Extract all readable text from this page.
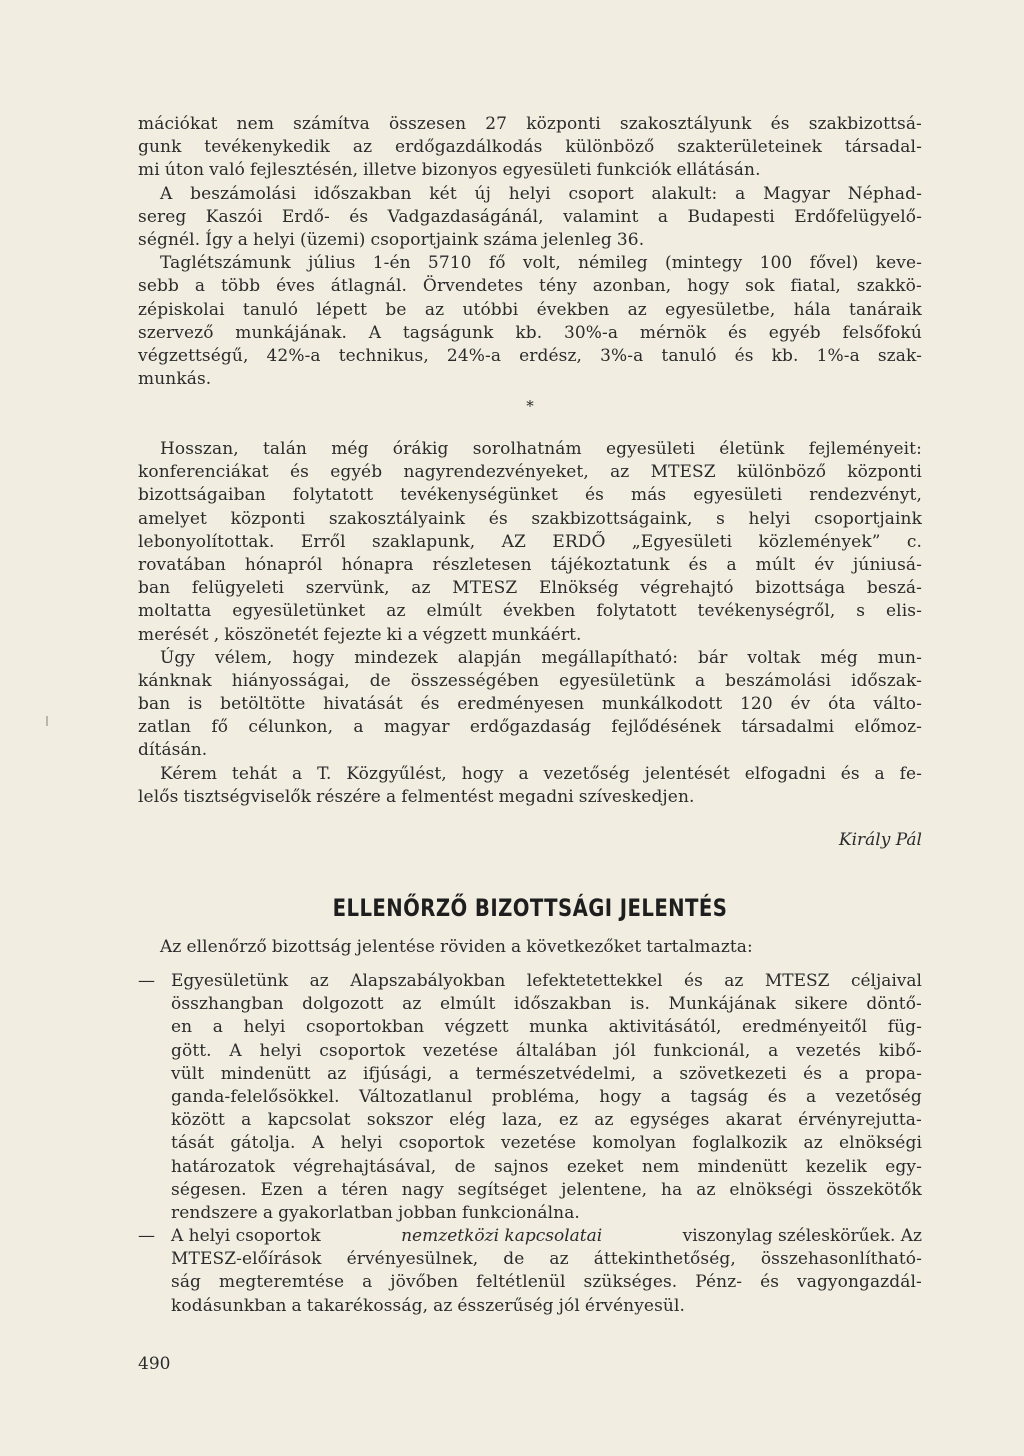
mációkat nem számítva összesen 27 központi szakosztályunk és szakbizottsá-
gunk tevékenykedik az erdőgazdálkodás különböző szakterületeinek társadal-
mi úton való fejlesztésén, illetve bizonyos egyesületi funkciók ellátásán.
A beszámolási időszakban két új helyi csoport alakult: a Magyar Néphad-
sereg Kaszói Erdő- és Vadgazdaságánál, valamint a Budapesti Erdőfelügyelő-
ségnél. Így a helyi (üzemi) csoportjaink száma jelenleg 36.
Taglétszámunk július 1-én 5710 fő volt, némileg (mintegy 100 fővel) keve-
sebb a több éves átlagnál. Örvendetes tény azonban, hogy sok fiatal, szakkö-
zépiskolai tanuló lépett be az utóbbi években az egyesületbe, hála tanáraik
szervező munkájának. A tagságunk kb. 30%-a mérnök és egyéb felsőfokú
végzettségű, 42%-a technikus, 24%-a erdész, 3%-a tanuló és kb. 1%-a szak-
munkás.
*
Hosszan, talán még órákig sorolhatnám egyesületi életünk fejleményeit:
konferenciákat és egyéb nagyrendezvényeket, az MTESZ különböző központi
bizottságaiban folytatott tevékenységünket és más egyesületi rendezvényt,
amelyet központi szakosztályaink és szakbizottságaink, s helyi csoportjaink
lebonyolítottak. Erről szaklapunk, AZ ERDŐ „Egyesületi közlemények” c.
rovatában hónapról hónapra részletesen tájékoztatunk és a múlt év júniusá-
ban felügyeleti szervünk, az MTESZ Elnökség végrehajtó bizottsága beszá-
moltatta egyesületünket az elmúlt években folytatott tevékenységről, s elis-
merését , köszönetét fejezte ki a végzett munkáért.
Úgy vélem, hogy mindezek alapján megállapítható: bár voltak még mun-
kánknak hiányosságai, de összességében egyesületünk a beszámolási időszak-
ban is betöltötte hivatását és eredményesen munkálkodott 120 év óta válto-
zatlan fő célunkon, a magyar erdőgazdaság fejlődésének társadalmi előmoz-
dításán.
Kérem tehát a T. Közgyűlést, hogy a vezetőség jelentését elfogadni és a fe-
lelős tisztségviselők részére a felmentést megadni szíveskedjen.
Király Pál
ELLENŐRZŐ BIZOTTSÁGI JELENTÉS
Az ellenőrző bizottság jelentése röviden a következőket tartalmazta:
— Egyesületünk az Alapszabályokban lefektetettekkel és az MTESZ céljaival
összhangban dolgozott az elmúlt időszakban is. Munkájának sikere döntő-
en a helyi csoportokban végzett munka aktivitásától, eredményeitől füg-
gött. A helyi csoportok vezetése általában jól funkcionál, a vezetés kibő-
vült mindenütt az ifjúsági, a természetvédelmi, a szövetkezeti és a propa-
ganda-felelősökkel. Változatlanul probléma, hogy a tagság és a vezetőség
között a kapcsolat sokszor elég laza, ez az egységes akarat érvényrejutta-
tását gátolja. A helyi csoportok vezetése komolyan foglalkozik az elnökségi
határozatok végrehajtásával, de sajnos ezeket nem mindenütt kezelik egy-
ségesen. Ezen a téren nagy segítséget jelentene, ha az elnökségi összekötők
rendszere a gyakorlatban jobban funkcionálna.
— A helyi csoportok	nemzetközi kapcsolatai	viszonylag széleskörűek. Az
MTESZ-előírások érvényesülnek, de az áttekinthetőség, összehasonlítható-
ság megteremtése a jövőben feltétlenül szükséges. Pénz- és vagyongazdál-
kodásunkban a takarékosság, az ésszerűség jól érvényesül.
490
